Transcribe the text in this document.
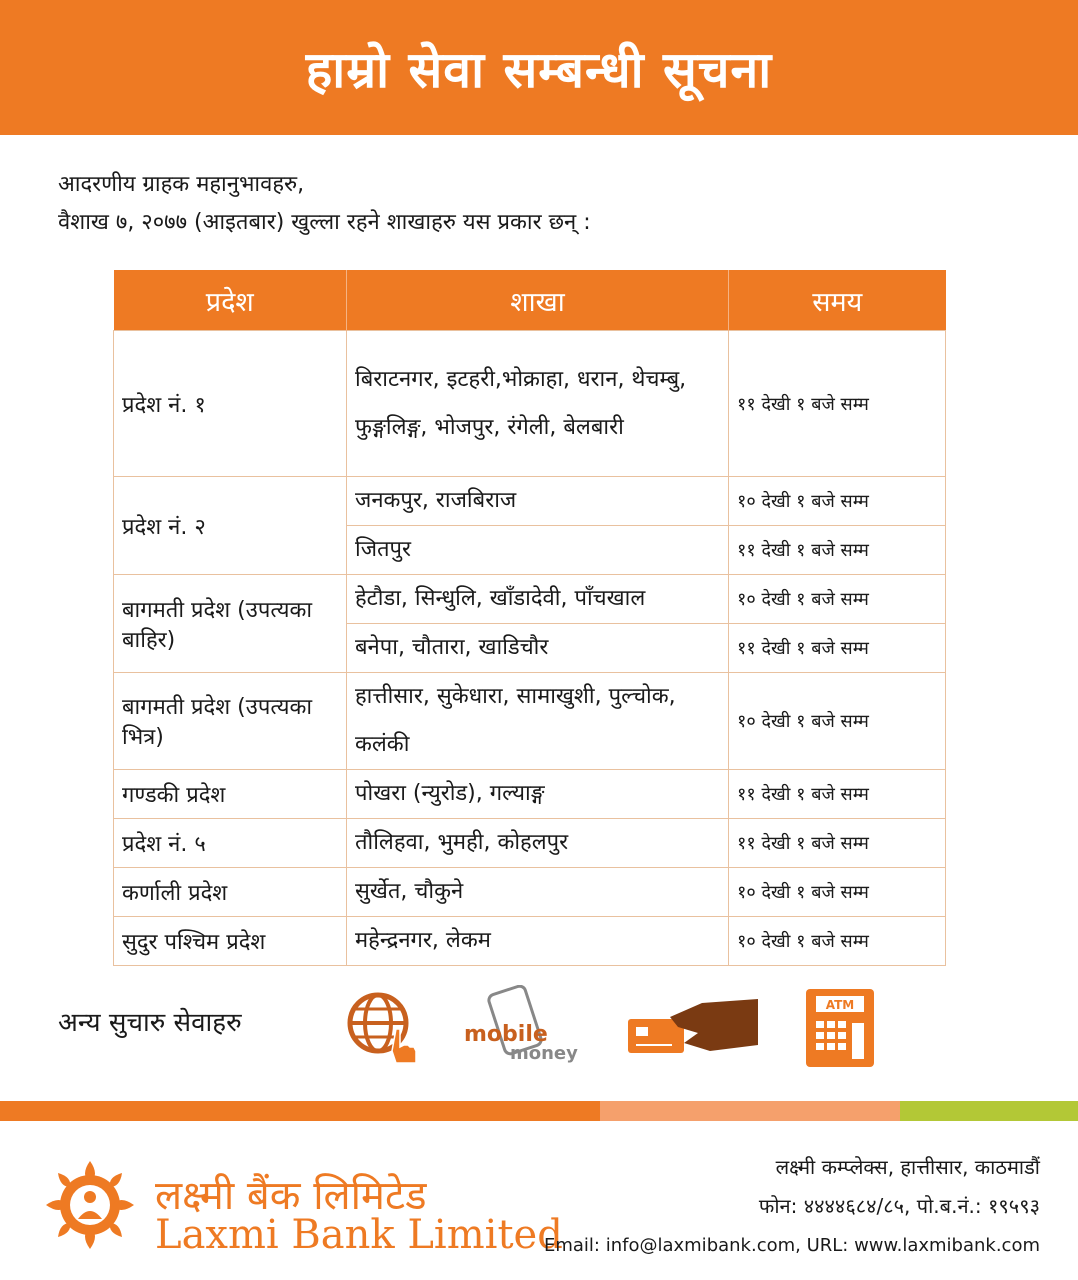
हाम्रो सेवा सम्बन्धी सूचना
आदरणीय ग्राहक महानुभावहरु,
वैशाख ७, २०७७ (आइतबार) खुल्ला रहने शाखाहरु यस प्रकार छन् :
प्रदेश	शाखा	समय
प्रदेश नं. १	बिराटनगर, इटहरी,भोक्राहा, धरान, थेचम्बु, फुङ्गलिङ्ग, भोजपुर, रंगेली, बेलबारी	११ देखी १ बजे सम्म
प्रदेश नं. २	जनकपुर, राजबिराज	१० देखी १ बजे सम्म
	जितपुर	११ देखी १ बजे सम्म
बागमती प्रदेश (उपत्यका बाहिर)	हेटौडा, सिन्धुलि, खाँडादेवी, पाँचखाल	१० देखी १ बजे सम्म
	बनेपा, चौतारा, खाडिचौर	११ देखी १ बजे सम्म
बागमती प्रदेश (उपत्यका भित्र)	हात्तीसार, सुकेधारा, सामाखुशी, पुल्चोक, कलंकी	१० देखी १ बजे सम्म
गण्डकी प्रदेश	पोखरा (न्युरोड), गल्याङ्ग	११ देखी १ बजे सम्म
प्रदेश नं. ५	तौलिहवा, भुमही, कोहलपुर	११ देखी १ बजे सम्म
कर्णाली प्रदेश	सुर्खेत, चौकुने	१० देखी १ बजे सम्म
सुदुर पश्चिम प्रदेश	महेन्द्रनगर, लेकम	१० देखी १ बजे सम्म
अन्य सुचारु सेवाहरु	mobile
money
ATM
लक्ष्मी बैंक लिमिटेड
Laxmi Bank Limited
लक्ष्मी कम्प्लेक्स, हात्तीसार, काठमाडौं
फोन: ४४४४६८४/८५, पो.ब.नं.: १९५९३
Email: info@laxmibank.com, URL: www.laxmibank.com
